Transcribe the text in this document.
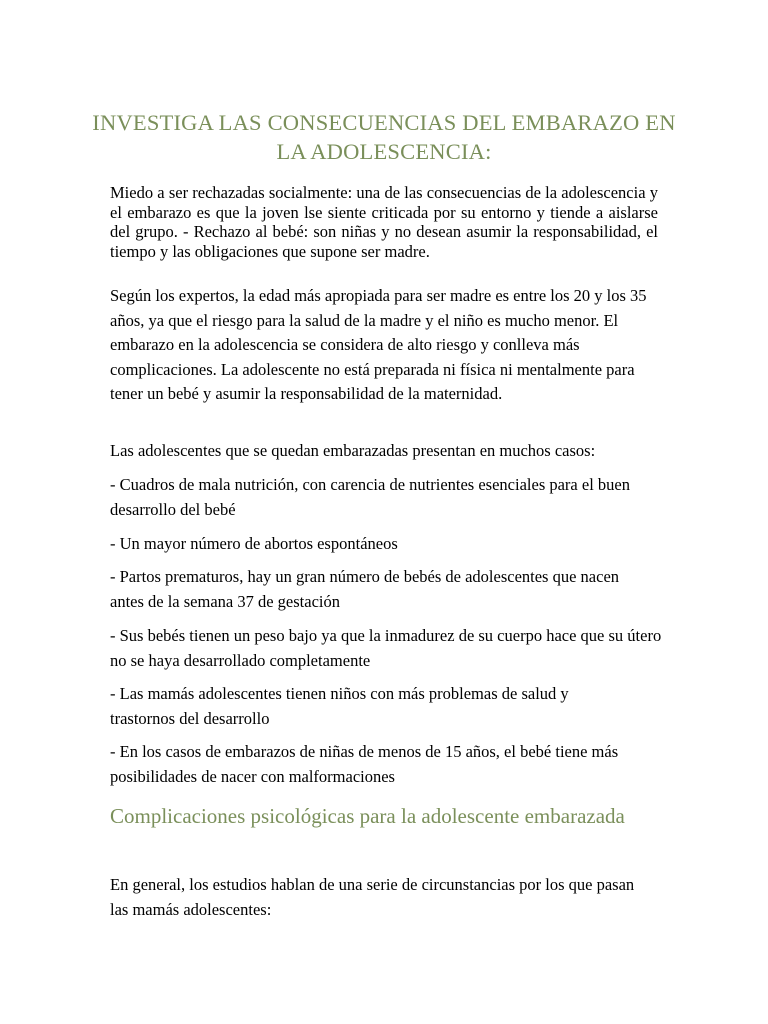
INVESTIGA LAS CONSECUENCIAS DEL EMBARAZO EN LA ADOLESCENCIA:

Miedo a ser rechazadas socialmente: una de las consecuencias de la adolescencia y el embarazo es que la joven lse siente criticada por su entorno y tiende a aislarse del grupo. - Rechazo al bebé: son niñas y no desean asumir la responsabilidad, el tiempo y las obligaciones que supone ser madre.

Según los expertos, la edad más apropiada para ser madre es entre los 20 y los 35 años, ya que el riesgo para la salud de la madre y el niño es mucho menor. El embarazo en la adolescencia se considera de alto riesgo y conlleva más complicaciones. La adolescente no está preparada ni física ni mentalmente para tener un bebé y asumir la responsabilidad de la maternidad.

Las adolescentes que se quedan embarazadas presentan en muchos casos:

- Cuadros de mala nutrición, con carencia de nutrientes esenciales para el buen desarrollo del bebé

- Un mayor número de abortos espontáneos

- Partos prematuros, hay un gran número de bebés de adolescentes que nacen antes de la semana 37 de gestación

- Sus bebés tienen un peso bajo ya que la inmadurez de su cuerpo hace que su útero no se haya desarrollado completamente

- Las mamás adolescentes tienen niños con más problemas de salud y trastornos del desarrollo

- En los casos de embarazos de niñas de menos de 15 años, el bebé tiene más posibilidades de nacer con malformaciones

Complicaciones psicológicas para la adolescente embarazada

En general, los estudios hablan de una serie de circunstancias por los que pasan las mamás adolescentes:
